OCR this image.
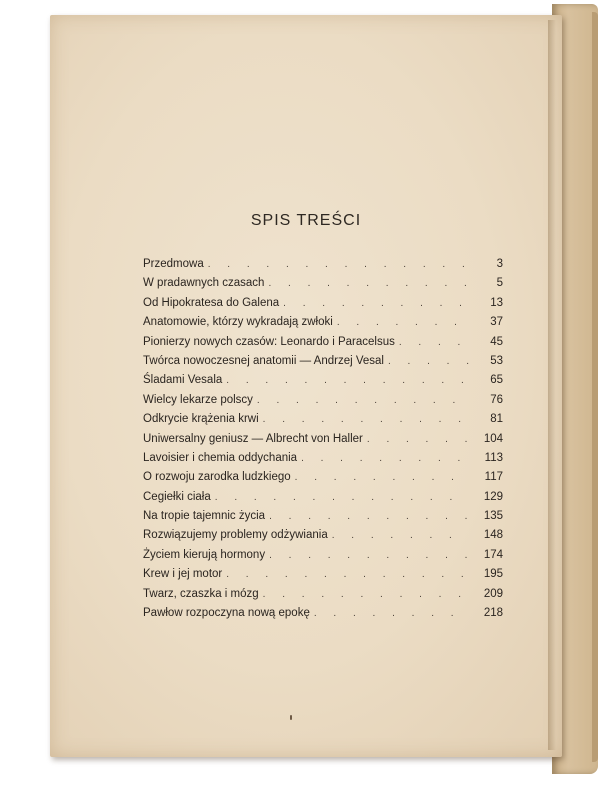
SPIS TREŚCI
Przedmowa . . .	3
W pradawnych czasach . . .	5
Od Hipokratesa do Galena . . .	13
Anatomowie, którzy wykradają zwłoki . . .	37
Pionierzy nowych czasów: Leonardo i Paracelsus . . .	45
Twórca nowoczesnej anatomii — Andrzej Vesal . . .	53
Śladami Vesala . . .	65
Wielcy lekarze polscy . . .	76
Odkrycie krążenia krwi . . .	81
Uniwersalny geniusz — Albrecht von Haller . . .	104
Lavoisier i chemia oddychania . . .	113
O rozwoju zarodka ludzkiego . . .	117
Cegiełki ciała . . .	129
Na tropie tajemnic życia . . .	135
Rozwiązujemy problemy odżywiania . . .	148
Życiem kierują hormony . . .	174
Krew i jej motor . . .	195
Twarz, czaszka i mózg . . .	209
Pawłow rozpoczyna nową epokę . . .	218
